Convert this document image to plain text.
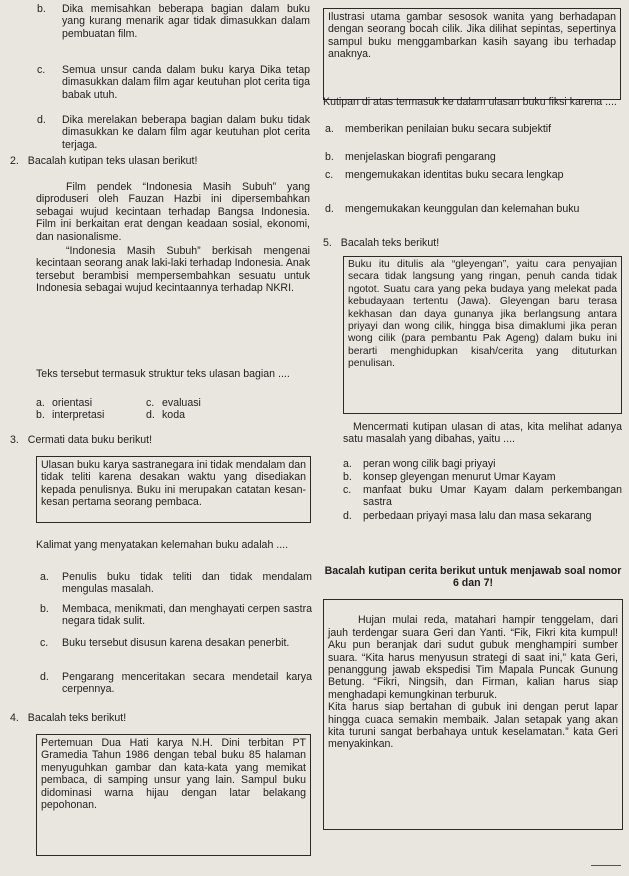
b. Dika memisahkan beberapa bagian dalam buku yang kurang menarik agar tidak dimasukkan dalam pembuatan film.

c. Semua unsur canda dalam buku karya Dika tetap dimasukkan dalam film agar keutuhan plot cerita tiga babak utuh.

d. Dika merelakan beberapa bagian dalam buku tidak dimasukkan ke dalam film agar keutuhan plot cerita terjaga.

2. Bacalah kutipan teks ulasan berikut!

Film pendek “Indonesia Masih Subuh” yang diproduseri oleh Fauzan Hazbi ini dipersembahkan sebagai wujud kecintaan terhadap Bangsa Indonesia. Film ini berkaitan erat dengan keadaan sosial, ekonomi, dan nasionalisme.

“Indonesia Masih Subuh” berkisah mengenai kecintaan seorang anak laki-laki terhadap Indonesia. Anak tersebut berambisi mempersembahkan sesuatu untuk Indonesia sebagai wujud kecintaannya terhadap NKRI.

Teks tersebut termasuk struktur teks ulasan bagian ....

a. orientasi	c. evaluasi
b. interpretasi	d. koda
3. Cermati data buku berikut!

Ulasan buku karya sastranegara ini tidak mendalam dan tidak teliti karena desakan waktu yang disediakan kepada penulisnya. Buku ini merupakan catatan kesan-kesan pertama seorang pembaca.

Kalimat yang menyatakan kelemahan buku adalah ....

a. Penulis buku tidak teliti dan tidak mendalam mengulas masalah.

b. Membaca, menikmati, dan menghayati cerpen sastra negara tidak sulit.

c. Buku tersebut disusun karena desakan penerbit.

d. Pengarang menceritakan secara mendetail karya cerpennya.

4. Bacalah teks berikut!

Pertemuan Dua Hati karya N.H. Dini terbitan PT Gramedia Tahun 1986 dengan tebal buku 85 halaman menyuguhkan gambar dan kata-kata yang memikat pembaca, di samping unsur yang lain. Sampul buku didominasi warna hijau dengan latar belakang pepohonan.

Ilustrasi utama gambar sesosok wanita yang berhadapan dengan seorang bocah cilik. Jika dilihat sepintas, sepertinya sampul buku menggambarkan kasih sayang ibu terhadap anaknya.

Kutipan di atas termasuk ke dalam ulasan buku fiksi karena ....

a. memberikan penilaian buku secara subjektif

b. menjelaskan biografi pengarang

c. mengemukakan identitas buku secara lengkap

d. mengemukakan keunggulan dan kelemahan buku

5. Bacalah teks berikut!

Buku itu ditulis ala “gleyengan”, yaitu cara penyajian secara tidak langsung yang ringan, penuh canda tidak ngotot. Suatu cara yang peka budaya yang melekat pada kebudayaan tertentu (Jawa). Gleyengan baru terasa kekhasan dan daya gunanya jika berlangsung antara priyayi dan wong cilik, hingga bisa dimaklumi jika peran wong cilik (para pembantu Pak Ageng) dalam buku ini berarti menghidupkan kisah/cerita yang dituturkan penulisan.

Mencermati kutipan ulasan di atas, kita melihat adanya satu masalah yang dibahas, yaitu ....

a. peran wong cilik bagi priyayi

b. konsep gleyengan menurut Umar Kayam

c. manfaat buku Umar Kayam dalam perkembangan sastra

d. perbedaan priyayi masa lalu dan masa sekarang

Bacalah kutipan cerita berikut untuk menjawab soal nomor 6 dan 7!

Hujan mulai reda, matahari hampir tenggelam, dari jauh terdengar suara Geri dan Yanti. “Fik, Fikri kita kumpul! Aku pun beranjak dari sudut gubuk menghampiri sumber suara. “Kita harus menyusun strategi di saat ini,” kata Geri, penanggung jawab ekspedisi Tim Mapala Puncak Gunung Betung. “Fikri, Ningsih, dan Firman, kalian harus siap menghadapi kemungkinan terburuk.
Kita harus siap bertahan di gubuk ini dengan perut lapar hingga cuaca semakin membaik. Jalan setapak yang akan kita turuni sangat berbahaya untuk keselamatan.” kata Geri menyakinkan.
